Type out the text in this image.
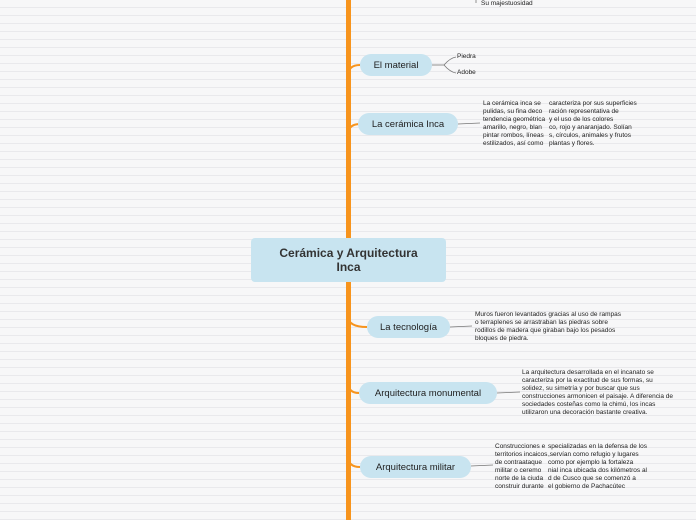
Su majestuosidad
Cerámica y Arquitectura Inca
El material
Piedra
Adobe
La cerámica Inca
La cerámica inca se
pulidas, su fina deco
tendencia geométrica
amarillo, negro, blan
pintar rombos, líneas
estilizados, así como
caracteriza por sus superficies
ración representativa de
y el uso de los colores
co, rojo y anaranjado. Solían
s, círculos, animales y frutos
plantas y flores.
La tecnología
Muros fueron levantados gracias al uso de rampas
o terraplenes se arrastraban las piedras sobre
rodillos de madera que giraban bajo los pesados
bloques de piedra.
Arquitectura monumental
La arquitectura desarrollada en el incanato se
caracteriza por la exactitud de sus formas, su
solidez, su simetría y por buscar que sus
construcciones armonicen el paisaje. A diferencia de
sociedades costeñas como la chimú, los incas
utilizaron una decoración bastante creativa.
Arquitectura militar
Construcciones e
territorios incaicos
de contraataque
militar o ceremo
norte de la ciuda
construir durante
specializadas en la defensa de los
,servían como refugio y lugares
como por ejemplo la fortaleza
nial inca ubicada dos kilómetros al
d de Cusco que se comenzó a
el gobierno de Pachacútec
